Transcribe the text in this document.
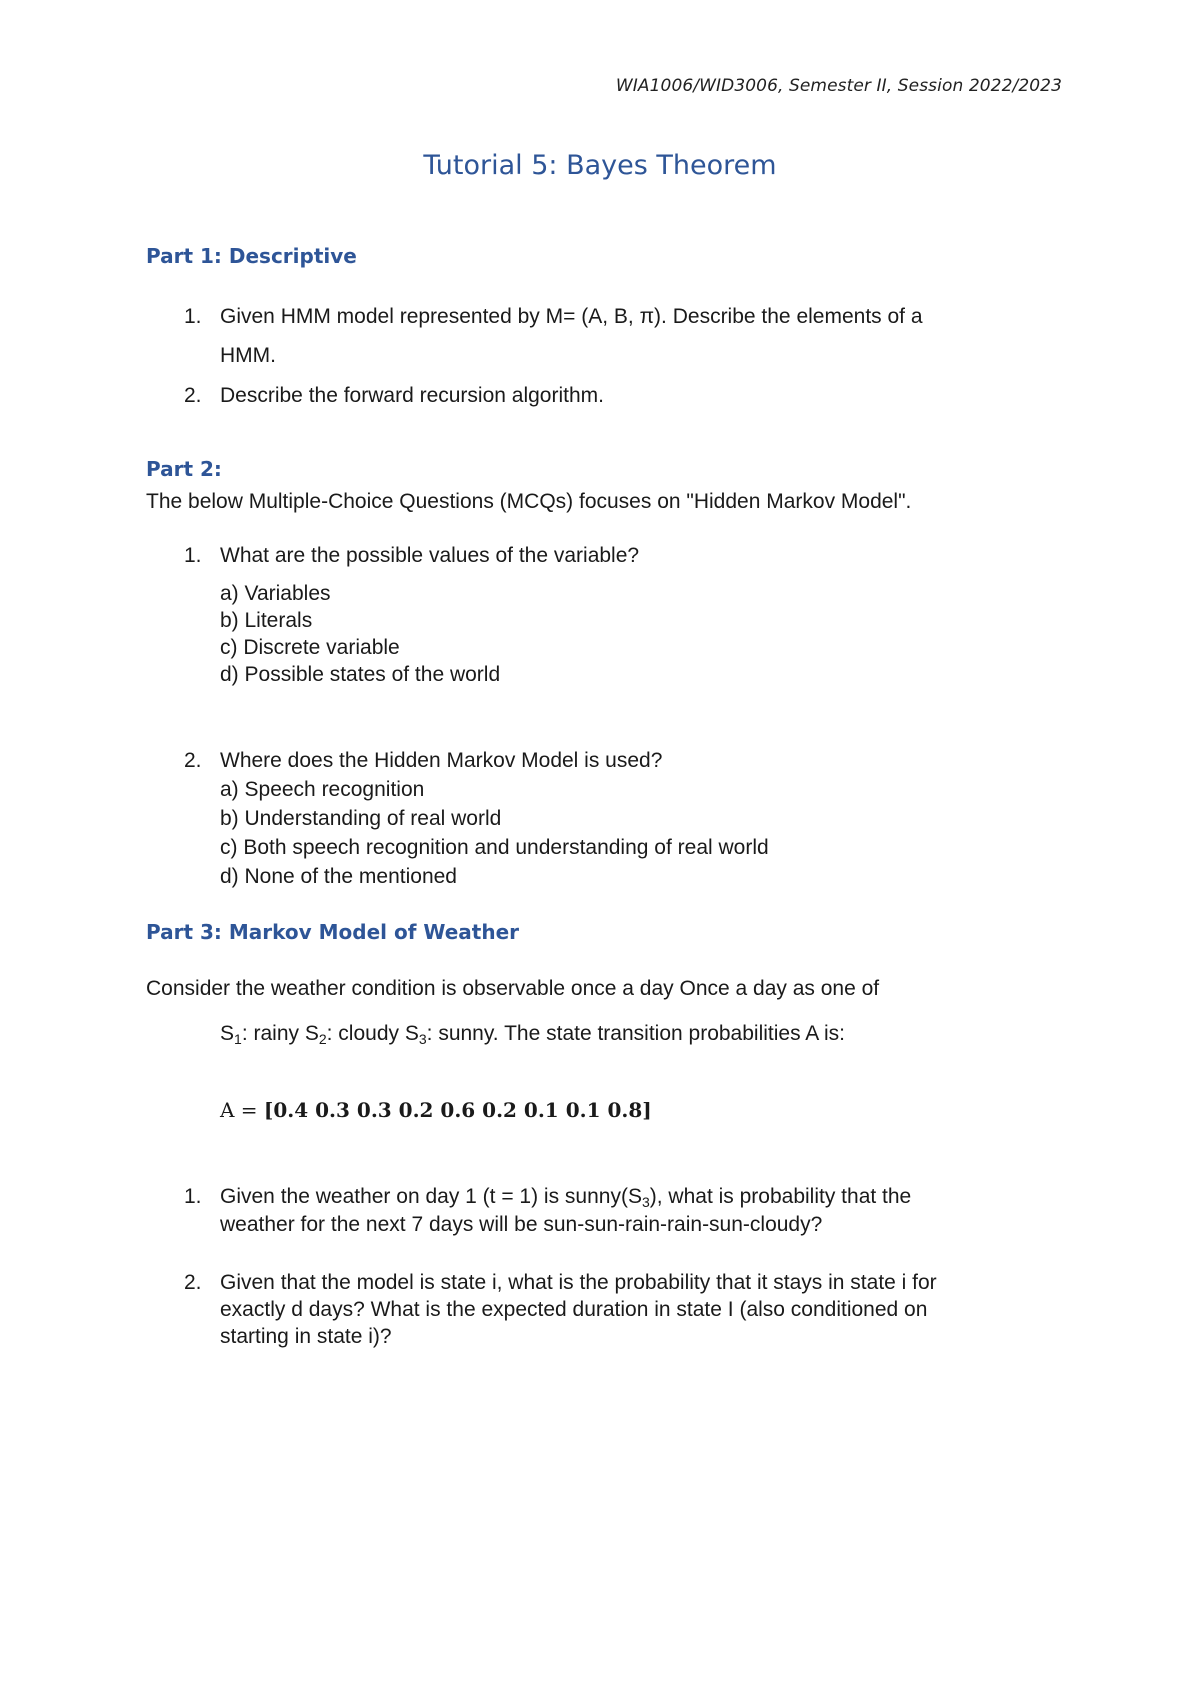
WIA1006/WID3006, Semester II, Session 2022/2023
Tutorial 5: Bayes Theorem
Part 1: Descriptive
1. Given HMM model represented by M= (A, B, π). Describe the elements of a
HMM.
2. Describe the forward recursion algorithm.
Part 2:
The below Multiple-Choice Questions (MCQs) focuses on "Hidden Markov Model".
1. What are the possible values of the variable?
a) Variables
b) Literals
c) Discrete variable
d) Possible states of the world
2. Where does the Hidden Markov Model is used?
a) Speech recognition
b) Understanding of real world
c) Both speech recognition and understanding of real world
d) None of the mentioned
Part 3: Markov Model of Weather
Consider the weather condition is observable once a day Once a day as one of
$S_1$: rainy $S_2$: cloudy $S_3$: sunny. The state transition probabilities A is:
A = [0.4 0.3 0.3 0.2 0.6 0.2 0.1 0.1 0.8]
1. Given the weather on day 1 (t = 1) is $sunny(S_3)$, what is probability that the
weather for the next 7 days will be sun-sun-rain-rain-sun-cloudy?
2. Given that the model is state i, what is the probability that it stays in state i for
exactly d days? What is the expected duration in state I (also conditioned on
starting in state i)?
